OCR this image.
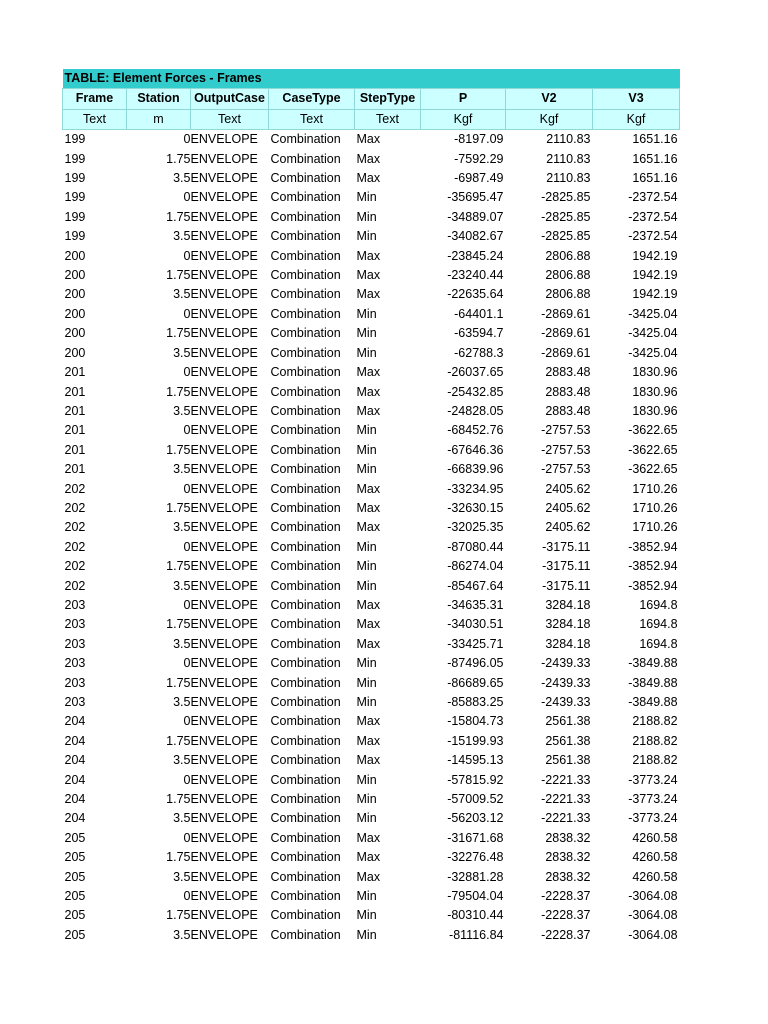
TABLE: Element Forces - Frames							
Frame	Station	OutputCase	CaseType	StepType	P	V2	V3
Text	m	Text	Text	Text	Kgf	Kgf	Kgf
199	0	ENVELOPE	Combination	Max	-8197.09	2110.83	1651.16
199	1.75	ENVELOPE	Combination	Max	-7592.29	2110.83	1651.16
199	3.5	ENVELOPE	Combination	Max	-6987.49	2110.83	1651.16
199	0	ENVELOPE	Combination	Min	-35695.47	-2825.85	-2372.54
199	1.75	ENVELOPE	Combination	Min	-34889.07	-2825.85	-2372.54
199	3.5	ENVELOPE	Combination	Min	-34082.67	-2825.85	-2372.54
200	0	ENVELOPE	Combination	Max	-23845.24	2806.88	1942.19
200	1.75	ENVELOPE	Combination	Max	-23240.44	2806.88	1942.19
200	3.5	ENVELOPE	Combination	Max	-22635.64	2806.88	1942.19
200	0	ENVELOPE	Combination	Min	-64401.1	-2869.61	-3425.04
200	1.75	ENVELOPE	Combination	Min	-63594.7	-2869.61	-3425.04
200	3.5	ENVELOPE	Combination	Min	-62788.3	-2869.61	-3425.04
201	0	ENVELOPE	Combination	Max	-26037.65	2883.48	1830.96
201	1.75	ENVELOPE	Combination	Max	-25432.85	2883.48	1830.96
201	3.5	ENVELOPE	Combination	Max	-24828.05	2883.48	1830.96
201	0	ENVELOPE	Combination	Min	-68452.76	-2757.53	-3622.65
201	1.75	ENVELOPE	Combination	Min	-67646.36	-2757.53	-3622.65
201	3.5	ENVELOPE	Combination	Min	-66839.96	-2757.53	-3622.65
202	0	ENVELOPE	Combination	Max	-33234.95	2405.62	1710.26
202	1.75	ENVELOPE	Combination	Max	-32630.15	2405.62	1710.26
202	3.5	ENVELOPE	Combination	Max	-32025.35	2405.62	1710.26
202	0	ENVELOPE	Combination	Min	-87080.44	-3175.11	-3852.94
202	1.75	ENVELOPE	Combination	Min	-86274.04	-3175.11	-3852.94
202	3.5	ENVELOPE	Combination	Min	-85467.64	-3175.11	-3852.94
203	0	ENVELOPE	Combination	Max	-34635.31	3284.18	1694.8
203	1.75	ENVELOPE	Combination	Max	-34030.51	3284.18	1694.8
203	3.5	ENVELOPE	Combination	Max	-33425.71	3284.18	1694.8
203	0	ENVELOPE	Combination	Min	-87496.05	-2439.33	-3849.88
203	1.75	ENVELOPE	Combination	Min	-86689.65	-2439.33	-3849.88
203	3.5	ENVELOPE	Combination	Min	-85883.25	-2439.33	-3849.88
204	0	ENVELOPE	Combination	Max	-15804.73	2561.38	2188.82
204	1.75	ENVELOPE	Combination	Max	-15199.93	2561.38	2188.82
204	3.5	ENVELOPE	Combination	Max	-14595.13	2561.38	2188.82
204	0	ENVELOPE	Combination	Min	-57815.92	-2221.33	-3773.24
204	1.75	ENVELOPE	Combination	Min	-57009.52	-2221.33	-3773.24
204	3.5	ENVELOPE	Combination	Min	-56203.12	-2221.33	-3773.24
205	0	ENVELOPE	Combination	Max	-31671.68	2838.32	4260.58
205	1.75	ENVELOPE	Combination	Max	-32276.48	2838.32	4260.58
205	3.5	ENVELOPE	Combination	Max	-32881.28	2838.32	4260.58
205	0	ENVELOPE	Combination	Min	-79504.04	-2228.37	-3064.08
205	1.75	ENVELOPE	Combination	Min	-80310.44	-2228.37	-3064.08
205	3.5	ENVELOPE	Combination	Min	-81116.84	-2228.37	-3064.08
